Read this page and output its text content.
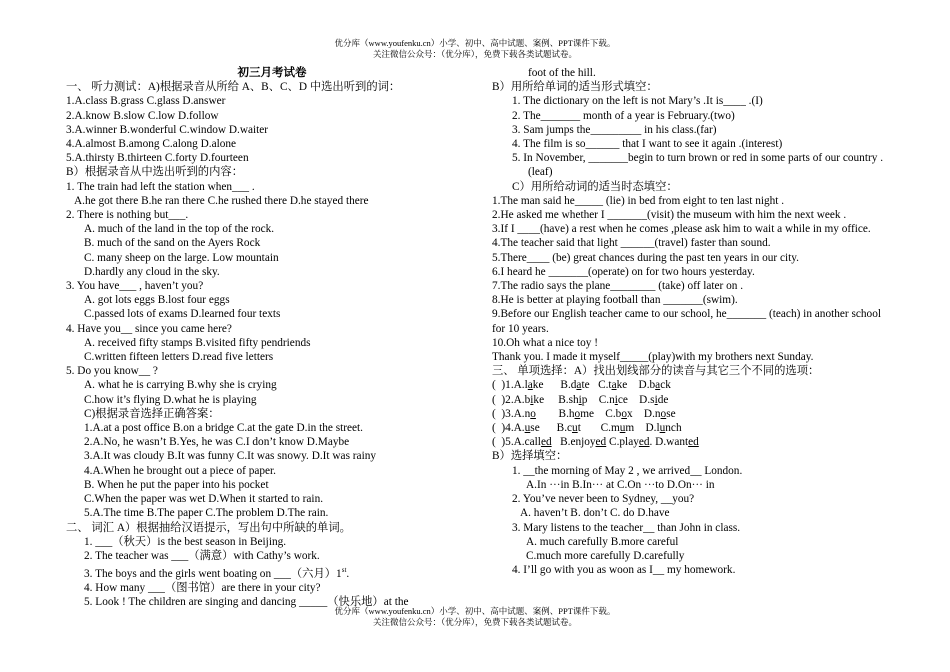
优分库（www.youfenku.cn）小学、初中、高中试题、案例、PPT课件下载。
关注微信公众号：（优分库），免费下载各类试题试卷。
初三月考试卷
一、 听力测试：A)根据录音从所给 A、B、C、D 中选出听到的词：
1.A.class B.grass C.glass D.answer
2.A.know B.slow C.low D.follow
3.A.winner B.wonderful C.window D.waiter
4.A.almost B.among C.along D.alone
5.A.thirsty B.thirteen C.forty D.fourteen
B）根据录音从中选出听到的内容：
1. The train had left the station when___ .
A.he got there B.he ran there C.he rushed there D.he stayed there
2. There is nothing but___.
A. much of the land in the top of the rock.
B. much of the sand on the Ayers Rock
C. many sheep on the large. Low mountain
D.hardly any cloud in the sky.
3. You have___ , haven’t you?
A. got lots eggs B.lost four eggs
C.passed lots of exams D.learned four texts
4. Have you__ since you came here?
A. received fifty stamps B.visited fifty pendriends
C.written fifteen letters D.read five letters
5. Do you know__ ?
A. what he is carrying B.why she is crying
C.how it’s flying D.what he is playing
C)根据录音选择正确答案：
1.A.at a post office B.on a bridge C.at the gate D.in the street.
2.A.No, he wasn’t B.Yes, he was C.I don’t know D.Maybe
3.A.It was cloudy B.It was funny C.It was snowy. D.It was rainy
4.A.When he brought out a piece of paper.
B. When he put the paper into his pocket
C.When the paper was wet D.When it started to rain.
5.A.The time B.The paper C.The problem D.The rain.
二、 词汇 A）根据抽给汉语提示，写出句中所缺的单词。
1. ___（秋天）is the best season in Beijing.
2. The teacher was ___（满意）with Cathy’s work.
3. The boys and the girls went boating on ___（六月）1st.
4. How many ___（图书馆）are there in your city?
5. Look ! The children are singing and dancing _____（快乐地）at the
foot of the hill.
B）用所给单词的适当形式填空：
1. The dictionary on the left is not Mary’s .It is____ .(I)
2. The_______ month of a year is February.(two)
3. Sam jumps the_________ in his class.(far)
4. The film is so______ that I want to see it again .(interest)
5. In November, _______begin to turn brown or red in some parts of our country .(leaf)
C）用所给动词的适当时态填空：
1.The man said he_____ (lie) in bed from eight to ten last night .
2.He asked me whether I _______(visit) the museum with him the next week .
3.If I ____(have) a rest when he comes ,please ask him to wait a while in my office.
4.The teacher said that light ______(travel) faster than sound.
5.There____ (be) great chances during the past ten years in our city.
6.I heard he _______(operate) on for two hours yesterday.
7.The radio says the plane________ (take) off later on .
8.He is better at playing football than _______(swim).
9.Before our English teacher came to our school, he_______ (teach) in another school for 10 years.
10.Oh what a nice toy !
Thank you. I made it myself_____(play)with my brothers next Sunday.
三、 单项选择：A）找出划线部分的读音与其它三个不同的选项：
(  )1.A.lake      B.date   C.take    D.back
(  )2.A.bike     B.ship    C.nice    D.side
(  )3.A.no        B.home    C.box    D.nose
(  )4.A.use      B.cut       C.mum    D.lunch
(  )5.A.called   B.enjoyed C.played. D.wanted
B）选择填空：
1. __the morning of May 2 , we arrived__ London.
A.In ···in B.In··· at C.On ···to D.On··· in
2. You’ve never been to Sydney, __you?
A. haven’t B. don’t C. do D.have
3. Mary listens to the teacher__ than John in class.
A. much carefully B.more careful
C.much more carefully D.carefully
4. I’ll go with you as woon as I__ my homework.
优分库（www.youfenku.cn）小学、初中、高中试题、案例、PPT课件下载。
关注微信公众号：（优分库），免费下载各类试题试卷。
